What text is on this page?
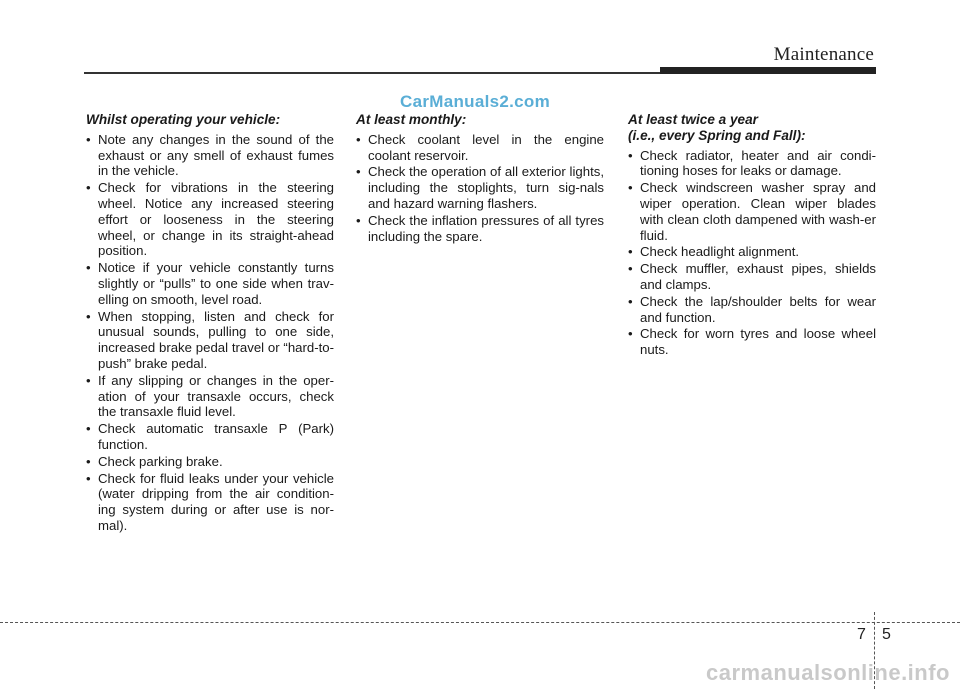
Maintenance
CarManuals2.com
Whilst operating your vehicle:
• Note any changes in the sound of the exhaust or any smell of exhaust fumes in the vehicle.
• Check for vibrations in the steering wheel. Notice any increased steering effort or looseness in the steering wheel, or change in its straight-ahead position.
• Notice if your vehicle constantly turns slightly or “pulls” to one side when trav-elling on smooth, level road.
• When stopping, listen and check for unusual sounds, pulling to one side, increased brake pedal travel or “hard-to-push” brake pedal.
• If any slipping or changes in the oper-ation of your transaxle occurs, check the transaxle fluid level.
• Check automatic transaxle P (Park) function.
• Check parking brake.
• Check for fluid leaks under your vehicle (water dripping from the air condition-ing system during or after use is nor-mal).
At least monthly:
• Check coolant level in the engine coolant reservoir.
• Check the operation of all exterior lights, including the stoplights, turn sig-nals and hazard warning flashers.
• Check the inflation pressures of all tyres including the spare.
At least twice a year
(i.e., every Spring and Fall):
• Check radiator, heater and air condi-tioning hoses for leaks or damage.
• Check windscreen washer spray and wiper operation. Clean wiper blades with clean cloth dampened with wash-er fluid.
• Check headlight alignment.
• Check muffler, exhaust pipes, shields and clamps.
• Check the lap/shoulder belts for wear and function.
• Check for worn tyres and loose wheel nuts.
7 5
carmanualsonline.info
